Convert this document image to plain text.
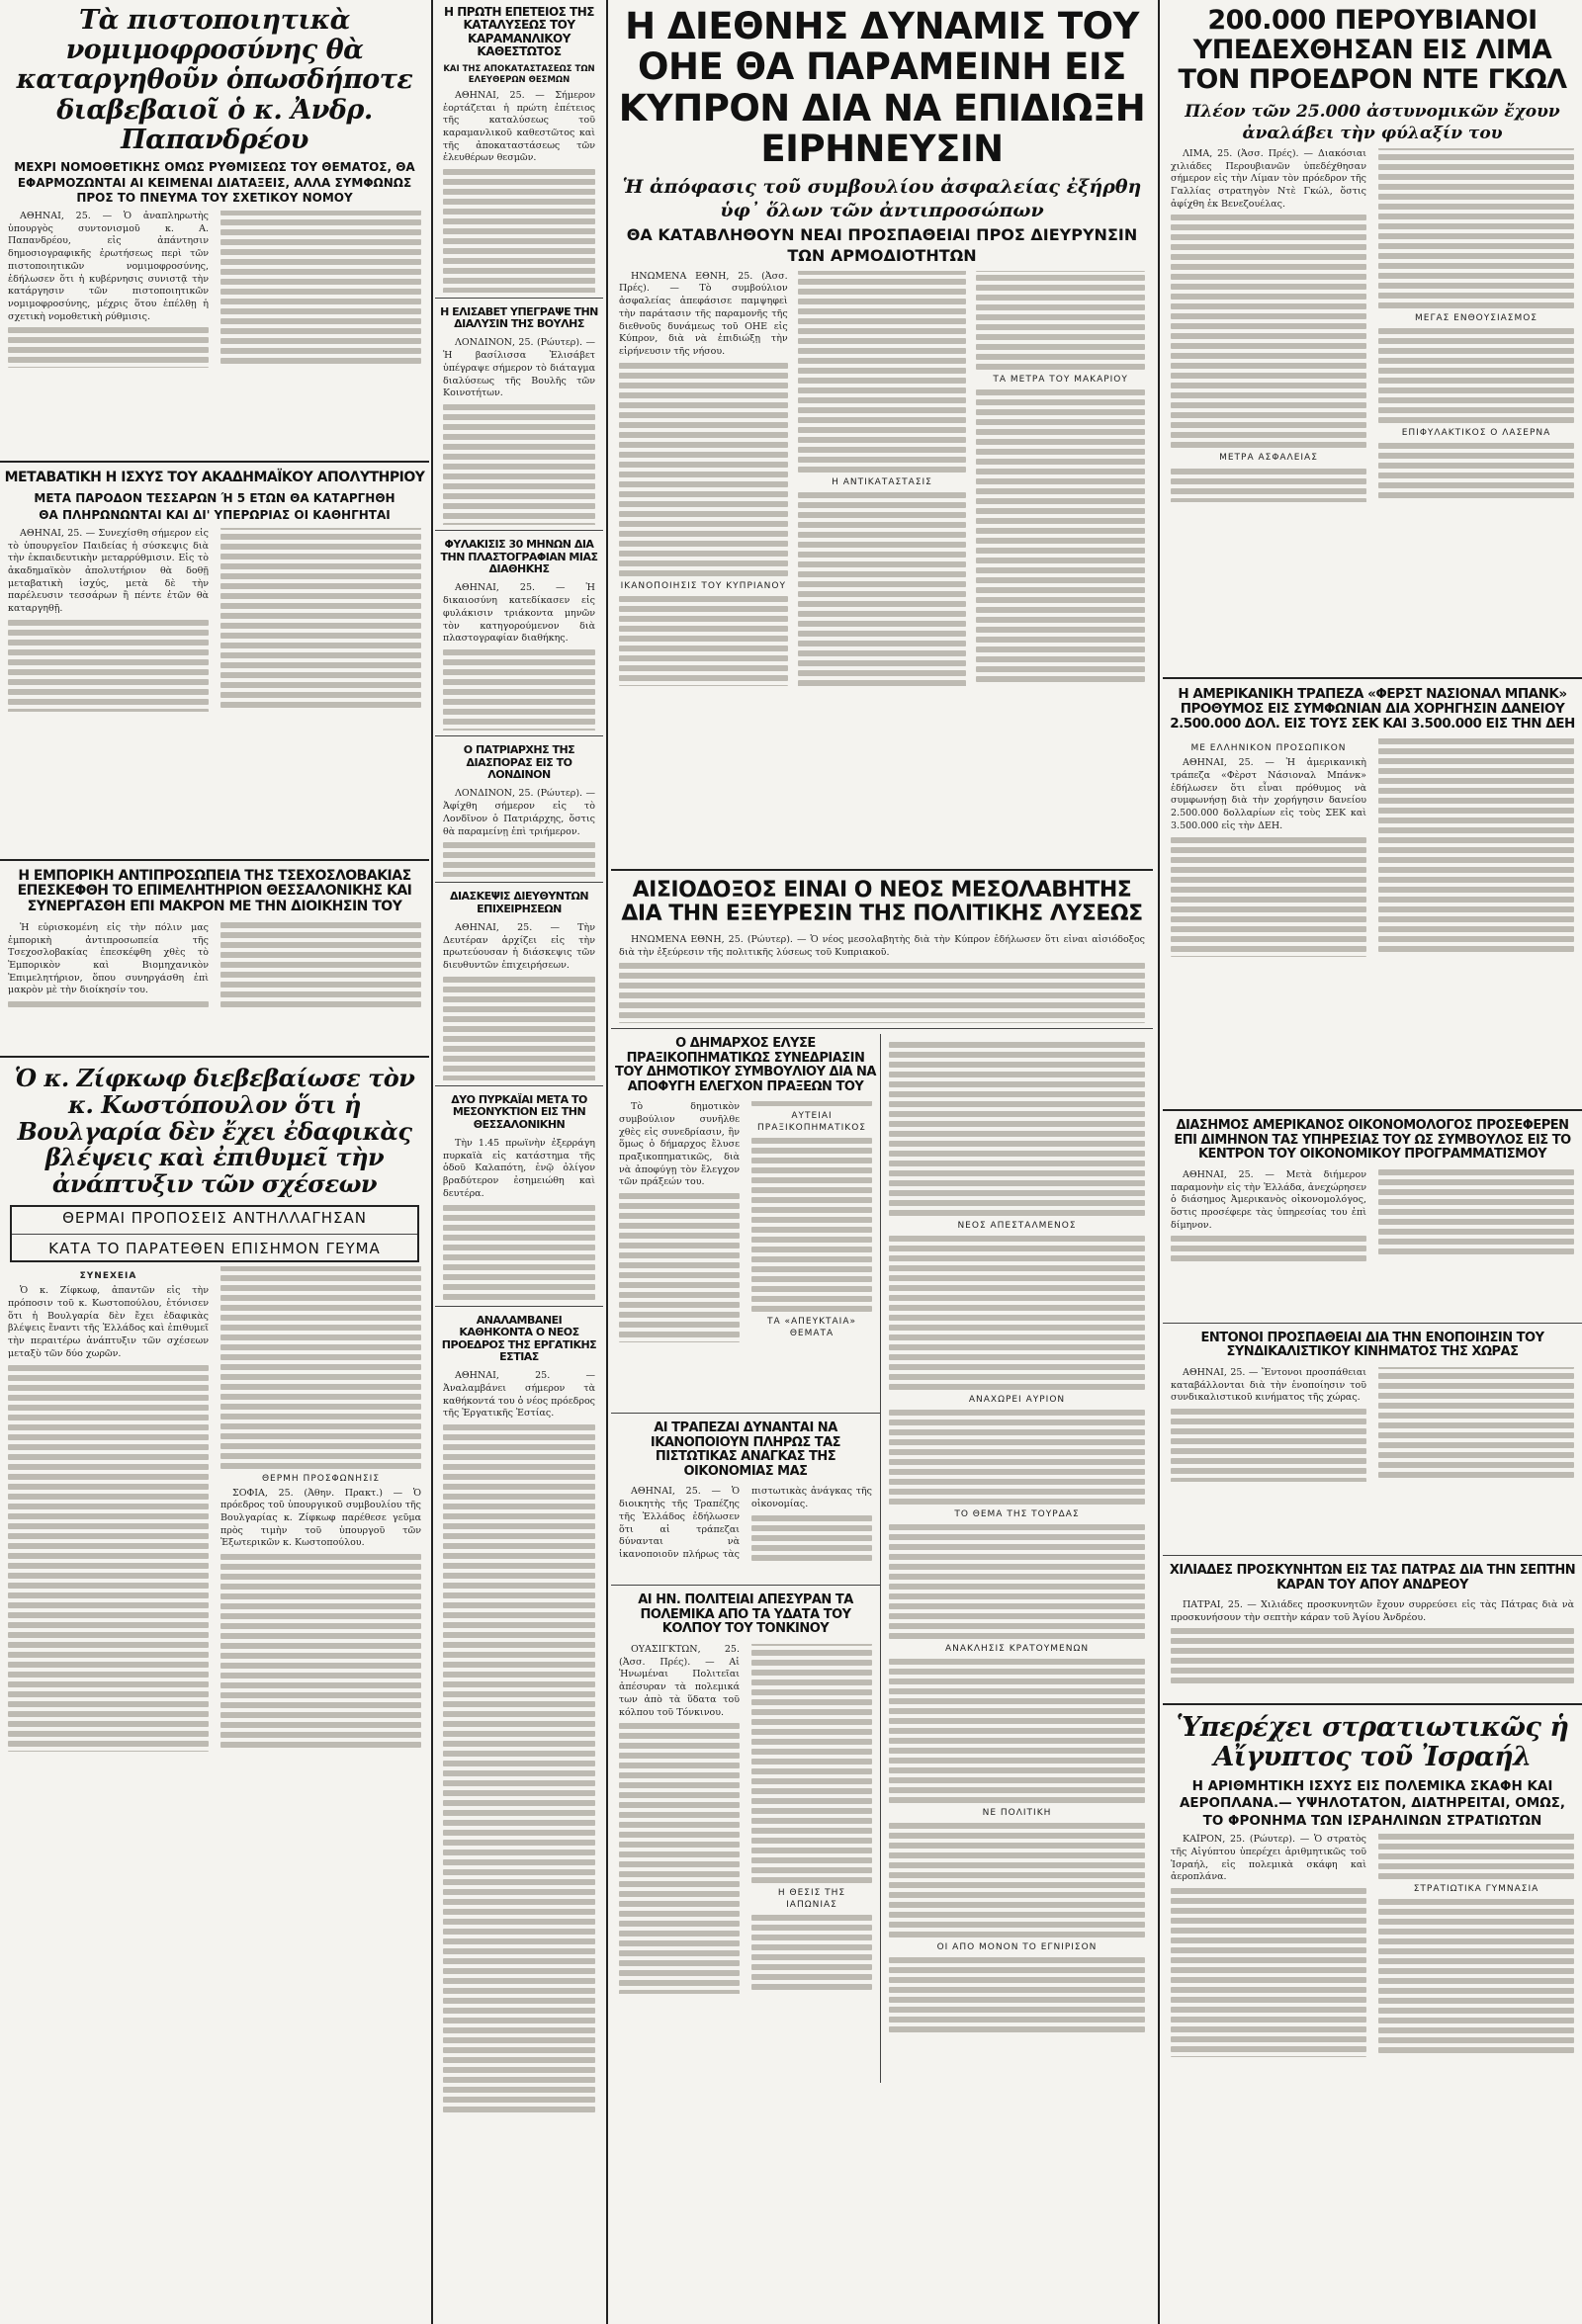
Τὰ πιστοποιητικὰ νομιμοφροσύνης θὰ καταργηθοῦν ὁπωσδήποτε διαβεβαιοῖ ὁ κ. Ἀνδρ. Παπανδρέου
ΜΕΧΡΙ ΝΟΜΟΘΕΤΙΚΗΣ ΟΜΩΣ ΡΥΘΜΙΣΕΩΣ ΤΟΥ ΘΕΜΑΤΟΣ, ΘΑ ΕΦΑΡΜΟΖΩΝΤΑΙ ΑΙ ΚΕΙΜΕΝΑΙ ΔΙΑΤΑΞΕΙΣ, ΑΛΛΑ ΣΥΜΦΩΝΩΣ ΠΡΟΣ ΤΟ ΠΝΕΥΜΑ ΤΟΥ ΣΧΕΤΙΚΟΥ ΝΟΜΟΥ

ΑΘΗΝΑΙ, 25. — Ὁ ἀναπληρωτὴς ὑπουργὸς συντονισμοῦ κ. Α. Παπανδρέου, εἰς ἀπάντησιν δημοσιογραφικῆς ἐρωτήσεως περὶ τῶν πιστοποιητικῶν νομιμοφροσύνης, ἐδήλωσεν ὅτι ἡ κυβέρνησις συνιστᾷ τὴν κατάργησιν τῶν πιστοποιητικῶν νομιμοφροσύνης, μέχρις ὅτου ἐπέλθῃ ἡ σχετικὴ νομοθετικὴ ρύθμισις.

ΜΕΤΑΒΑΤΙΚΗ Η ΙΣΧΥΣ ΤΟΥ ΑΚΑΔΗΜΑΪΚΟΥ ΑΠΟΛΥΤΗΡΙΟΥ
ΜΕΤΑ ΠΑΡΟΔΟΝ ΤΕΣΣΑΡΩΝ Ή 5 ΕΤΩΝ ΘΑ ΚΑΤΑΡΓΗΘΗ
ΘΑ ΠΛΗΡΩΝΩΝΤΑΙ ΚΑΙ ΔΙ' ΥΠΕΡΩΡΙΑΣ ΟΙ ΚΑΘΗΓΗΤΑΙ

ΑΘΗΝΑΙ, 25. — Συνεχίσθη σήμερον εἰς τὸ ὑπουργεῖον Παιδείας ἡ σύσκεψις διὰ τὴν ἐκπαιδευτικὴν μεταρρύθμισιν. Εἰς τὸ ἀκαδημαϊκὸν ἀπολυτήριον θὰ δοθῇ μεταβατικὴ ἰσχύς, μετὰ δὲ τὴν παρέλευσιν τεσσάρων ἢ πέντε ἐτῶν θὰ καταργηθῇ.

Η ΕΜΠΟΡΙΚΗ ΑΝΤΙΠΡΟΣΩΠΕΙΑ ΤΗΣ ΤΣΕΧΟΣΛΟΒΑΚΙΑΣ ΕΠΕΣΚΕΦΘΗ ΤΟ ΕΠΙΜΕΛΗΤΗΡΙΟΝ ΘΕΣΣΑΛΟΝΙΚΗΣ ΚΑΙ ΣΥΝΕΡΓΑΣΘΗ ΕΠΙ ΜΑΚΡΟΝ ΜΕ ΤΗΝ ΔΙΟΙΚΗΣΙΝ ΤΟΥ

Ἡ εὑρισκομένη εἰς τὴν πόλιν μας ἐμπορικὴ ἀντιπροσωπεία τῆς Τσεχοσλοβακίας ἐπεσκέφθη χθὲς τὸ Ἐμπορικὸν καὶ Βιομηχανικὸν Ἐπιμελητήριον, ὅπου συνηργάσθη ἐπὶ μακρὸν μὲ τὴν διοίκησίν του.

Ὁ κ. Ζίφκωφ διεβεβαίωσε τὸν κ. Κωστόπουλον ὅτι ἡ Βουλγαρία δὲν ἔχει ἐδαφικὰς βλέψεις καὶ ἐπιθυμεῖ τὴν ἀνάπτυξιν τῶν σχέσεων
ΘΕΡΜΑΙ ΠΡΟΠΟΣΕΙΣ ΑΝΤΗΛΛΑΓΗΣΑΝ
ΚΑΤΑ ΤΟ ΠΑΡΑΤΕΘΕΝ ΕΠΙΣΗΜΟΝ ΓΕΥΜΑ
ΣΥΝΕΧΕΙΑ

Ὁ κ. Ζίφκωφ, ἀπαντῶν εἰς τὴν πρόποσιν τοῦ κ. Κωστοπούλου, ἐτόνισεν ὅτι ἡ Βουλγαρία δὲν ἔχει ἐδαφικὰς βλέψεις ἔναντι τῆς Ἑλλάδος καὶ ἐπιθυμεῖ τὴν περαιτέρω ἀνάπτυξιν τῶν σχέσεων μεταξὺ τῶν δύο χωρῶν.

ΘΕΡΜΗ ΠΡΟΣΦΩΝΗΣΙΣ

ΣΟΦΙΑ, 25. (Ἀθην. Πρακτ.) — Ὁ πρόεδρος τοῦ ὑπουργικοῦ συμβουλίου τῆς Βουλγαρίας κ. Ζίφκωφ παρέθεσε γεῦμα πρὸς τιμὴν τοῦ ὑπουργοῦ τῶν Ἐξωτερικῶν κ. Κωστοπούλου.

Η ΠΡΩΤΗ ΕΠΕΤΕΙΟΣ ΤΗΣ ΚΑΤΑΛΥΣΕΩΣ ΤΟΥ ΚΑΡΑΜΑΝΛΙΚΟΥ ΚΑΘΕΣΤΩΤΟΣ
ΚΑΙ ΤΗΣ ΑΠΟΚΑΤΑΣΤΑΣΕΩΣ ΤΩΝ ΕΛΕΥΘΕΡΩΝ ΘΕΣΜΩΝ

ΑΘΗΝΑΙ, 25. — Σήμερον ἑορτάζεται ἡ πρώτη ἐπέτειος τῆς καταλύσεως τοῦ καραμανλικοῦ καθεστῶτος καὶ τῆς ἀποκαταστάσεως τῶν ἐλευθέρων θεσμῶν.

Η ΕΛΙΣΑΒΕΤ ΥΠΕΓΡΑΨΕ ΤΗΝ ΔΙΑΛΥΣΙΝ ΤΗΣ ΒΟΥΛΗΣ

ΛΟΝΔΙΝΟΝ, 25. (Ρώυτερ). — Ἡ βασίλισσα Ἐλισάβετ ὑπέγραψε σήμερον τὸ διάταγμα διαλύσεως τῆς Βουλῆς τῶν Κοινοτήτων.

ΦΥΛΑΚΙΣΙΣ 30 ΜΗΝΩΝ ΔΙΑ ΤΗΝ ΠΛΑΣΤΟΓΡΑΦΙΑΝ ΜΙΑΣ ΔΙΑΘΗΚΗΣ

ΑΘΗΝΑΙ, 25. — Ἡ δικαιοσύνη κατεδίκασεν εἰς φυλάκισιν τριάκοντα μηνῶν τὸν κατηγορούμενον διὰ πλαστογραφίαν διαθήκης.

Ο ΠΑΤΡΙΑΡΧΗΣ ΤΗΣ ΔΙΑΣΠΟΡΑΣ ΕΙΣ ΤΟ ΛΟΝΔΙΝΟΝ

ΛΟΝΔΙΝΟΝ, 25. (Ρώυτερ). — Ἀφίχθη σήμερον εἰς τὸ Λονδῖνον ὁ Πατριάρχης, ὅστις θὰ παραμείνῃ ἐπὶ τριήμερον.

ΔΙΑΣΚΕΨΙΣ ΔΙΕΥΘΥΝΤΩΝ ΕΠΙΧΕΙΡΗΣΕΩΝ

ΑΘΗΝΑΙ, 25. — Τὴν Δευτέραν ἀρχίζει εἰς τὴν πρωτεύουσαν ἡ διάσκεψις τῶν διευθυντῶν ἐπιχειρήσεων.

ΔΥΟ ΠΥΡΚΑΪΑΙ ΜΕΤΑ ΤΟ ΜΕΣΟΝΥΚΤΙΟΝ ΕΙΣ ΤΗΝ ΘΕΣΣΑΛΟΝΙΚΗΝ

Τὴν 1.45 πρωϊνὴν ἐξερράγη πυρκαϊὰ εἰς κατάστημα τῆς ὁδοῦ Καλαπότη, ἐνῷ ὀλίγον βραδύτερον ἐσημειώθη καὶ δευτέρα.

ΑΝΑΛΑΜΒΑΝΕΙ ΚΑΘΗΚΟΝΤΑ Ο ΝΕΟΣ ΠΡΟΕΔΡΟΣ ΤΗΣ ΕΡΓΑΤΙΚΗΣ ΕΣΤΙΑΣ

ΑΘΗΝΑΙ, 25. — Ἀναλαμβάνει σήμερον τὰ καθήκοντά του ὁ νέος πρόεδρος τῆς Ἐργατικῆς Ἑστίας.

Η ΔΙΕΘΝΗΣ ΔΥΝΑΜΙΣ ΤΟΥ ΟΗΕ ΘΑ ΠΑΡΑΜΕΙΝΗ ΕΙΣ ΚΥΠΡΟΝ ΔΙΑ ΝΑ ΕΠΙΔΙΩΞΗ ΕΙΡΗΝΕΥΣΙΝ
Ἡ ἀπόφασις τοῦ συμβουλίου ἀσφαλείας ἐξήρθη ὑφ᾽ ὅλων τῶν ἀντιπροσώπων
ΘΑ ΚΑΤΑΒΛΗΘΟΥΝ ΝΕΑΙ ΠΡΟΣΠΑΘΕΙΑΙ ΠΡΟΣ ΔΙΕΥΡΥΝΣΙΝ ΤΩΝ ΑΡΜΟΔΙΟΤΗΤΩΝ

ΗΝΩΜΕΝΑ ΕΘΝΗ, 25. (Ἀσσ. Πρές). — Τὸ συμβούλιον ἀσφαλείας ἀπεφάσισε παμψηφεὶ τὴν παράτασιν τῆς παραμονῆς τῆς διεθνοῦς δυνάμεως τοῦ ΟΗΕ εἰς Κύπρον, διὰ νὰ ἐπιδιώξῃ τὴν εἰρήνευσιν τῆς νήσου.

ΙΚΑΝΟΠΟΙΗΣΙΣ ΤΟΥ ΚΥΠΡΙΑΝΟΥ
Η ΑΝΤΙΚΑΤΑΣΤΑΣΙΣ
ΤΑ ΜΕΤΡΑ ΤΟΥ ΜΑΚΑΡΙΟΥ
ΑΙΣΙΟΔΟΞΟΣ ΕΙΝΑΙ Ο ΝΕΟΣ ΜΕΣΟΛΑΒΗΤΗΣ ΔΙΑ ΤΗΝ ΕΞΕΥΡΕΣΙΝ ΤΗΣ ΠΟΛΙΤΙΚΗΣ ΛΥΣΕΩΣ

ΗΝΩΜΕΝΑ ΕΘΝΗ, 25. (Ρώυτερ). — Ὁ νέος μεσολαβητὴς διὰ τὴν Κύπρον ἐδήλωσεν ὅτι εἶναι αἰσιόδοξος διὰ τὴν ἐξεύρεσιν τῆς πολιτικῆς λύσεως τοῦ Κυπριακοῦ.

Ο ΔΗΜΑΡΧΟΣ ΕΛΥΣΕ ΠΡΑΞΙΚΟΠΗΜΑΤΙΚΩΣ ΣΥΝΕΔΡΙΑΣΙΝ ΤΟΥ ΔΗΜΟΤΙΚΟΥ ΣΥΜΒΟΥΛΙΟΥ ΔΙΑ ΝΑ ΑΠΟΦΥΓΗ ΕΛΕΓΧΟΝ ΠΡΑΞΕΩΝ ΤΟΥ

Τὸ δημοτικὸν συμβούλιον συνῆλθε χθὲς εἰς συνεδρίασιν, ἣν ὅμως ὁ δήμαρχος ἔλυσε πραξικοπηματικῶς, διὰ νὰ ἀποφύγῃ τὸν ἔλεγχον τῶν πράξεών του.

ΑΥΤΕΙΑΙ ΠΡΑΞΙΚΟΠΗΜΑΤΙΚΟΣ
ΤΑ «ΑΠΕΥΚΤΑΙΑ» ΘΕΜΑΤΑ
ΑΙ ΤΡΑΠΕΖΑΙ ΔΥΝΑΝΤΑΙ ΝΑ ΙΚΑΝΟΠΟΙΟΥΝ ΠΛΗΡΩΣ ΤΑΣ ΠΙΣΤΩΤΙΚΑΣ ΑΝΑΓΚΑΣ ΤΗΣ ΟΙΚΟΝΟΜΙΑΣ ΜΑΣ

ΑΘΗΝΑΙ, 25. — Ὁ διοικητὴς τῆς Τραπέζης τῆς Ἑλλάδος ἐδήλωσεν ὅτι αἱ τράπεζαι δύνανται νὰ ἱκανοποιοῦν πλήρως τὰς πιστωτικὰς ἀνάγκας τῆς οἰκονομίας.

ΑΙ ΗΝ. ΠΟΛΙΤΕΙΑΙ ΑΠΕΣΥΡΑΝ ΤΑ ΠΟΛΕΜΙΚΑ ΑΠΟ ΤΑ ΥΔΑΤΑ ΤΟΥ ΚΟΛΠΟΥ ΤΟΥ ΤΟΝΚΙΝΟΥ

ΟΥΑΣΙΓΚΤΩΝ, 25. (Ἀσσ. Πρές). — Αἱ Ἡνωμέναι Πολιτεῖαι ἀπέσυραν τὰ πολεμικά των ἀπὸ τὰ ὕδατα τοῦ κόλπου τοῦ Τόνκινου.

Η ΘΕΣΙΣ ΤΗΣ ΙΑΠΩΝΙΑΣ
ΝΕΟΣ ΑΠΕΣΤΑΛΜΕΝΟΣ
ΑΝΑΧΩΡΕΙ ΑΥΡΙΟΝ
ΤΟ ΘΕΜΑ ΤΗΣ ΤΟΥΡΔΑΣ
ΑΝΑΚΛΗΣΙΣ ΚΡΑΤΟΥΜΕΝΩΝ
ΝΕ ΠΟΛΙΤΙΚΗ
ΟΙ ΑΠΟ ΜΟΝΟΝ ΤΟ ΕΓΝΙΡΙΣΟΝ
200.000 ΠΕΡΟΥΒΙΑΝΟΙ ΥΠΕΔΕΧΘΗΣΑΝ ΕΙΣ ΛΙΜΑ ΤΟΝ ΠΡΟΕΔΡΟΝ ΝΤΕ ΓΚΩΛ
Πλέον τῶν 25.000 ἀστυνομικῶν ἔχουν ἀναλάβει τὴν φύλαξίν του

ΛΙΜΑ, 25. (Ἀσσ. Πρές). — Διακόσιαι χιλιάδες Περουβιανῶν ὑπεδέχθησαν σήμερον εἰς τὴν Λίμαν τὸν πρόεδρον τῆς Γαλλίας στρατηγὸν Ντὲ Γκώλ, ὅστις ἀφίχθη ἐκ Βενεζουέλας.

ΜΕΤΡΑ ΑΣΦΑΛΕΙΑΣ
ΜΕΓΑΣ ΕΝΘΟΥΣΙΑΣΜΟΣ
ΕΠΙΦΥΛΑΚΤΙΚΟΣ Ο ΛΑΣΕΡΝΑ
Η ΑΜΕΡΙΚΑΝΙΚΗ ΤΡΑΠΕΖΑ «ΦΕΡΣΤ ΝΑΣΙΟΝΑΛ ΜΠΑΝΚ» ΠΡΟΘΥΜΟΣ ΕΙΣ ΣΥΜΦΩΝΙΑΝ ΔΙΑ ΧΟΡΗΓΗΣΙΝ ΔΑΝΕΙΟΥ 2.500.000 ΔΟΛ. ΕΙΣ ΤΟΥΣ ΣΕΚ ΚΑΙ 3.500.000 ΕΙΣ ΤΗΝ ΔΕΗ
ΜΕ ΕΛΛΗΝΙΚΟΝ ΠΡΟΣΩΠΙΚΟΝ

ΑΘΗΝΑΙ, 25. — Ἡ ἀμερικανικὴ τράπεζα «Φὲρστ Νάσιοναλ Μπάνκ» ἐδήλωσεν ὅτι εἶναι πρόθυμος νὰ συμφωνήσῃ διὰ τὴν χορήγησιν δανείου 2.500.000 δολλαρίων εἰς τοὺς ΣΕΚ καὶ 3.500.000 εἰς τὴν ΔΕΗ.

ΔΙΑΣΗΜΟΣ ΑΜΕΡΙΚΑΝΟΣ ΟΙΚΟΝΟΜΟΛΟΓΟΣ ΠΡΟΣΕΦΕΡΕΝ ΕΠΙ ΔΙΜΗΝΟΝ ΤΑΣ ΥΠΗΡΕΣΙΑΣ ΤΟΥ ΩΣ ΣΥΜΒΟΥΛΟΣ ΕΙΣ ΤΟ ΚΕΝΤΡΟΝ ΤΟΥ ΟΙΚΟΝΟΜΙΚΟΥ ΠΡΟΓΡΑΜΜΑΤΙΣΜΟΥ

ΑΘΗΝΑΙ, 25. — Μετὰ διήμερον παραμονὴν εἰς τὴν Ἑλλάδα, ἀνεχώρησεν ὁ διάσημος Ἀμερικανὸς οἰκονομολόγος, ὅστις προσέφερε τὰς ὑπηρεσίας του ἐπὶ δίμηνον.

ΕΝΤΟΝΟΙ ΠΡΟΣΠΑΘΕΙΑΙ ΔΙΑ ΤΗΝ ΕΝΟΠΟΙΗΣΙΝ ΤΟΥ ΣΥΝΔΙΚΑΛΙΣΤΙΚΟΥ ΚΙΝΗΜΑΤΟΣ ΤΗΣ ΧΩΡΑΣ

ΑΘΗΝΑΙ, 25. — Ἔντονοι προσπάθειαι καταβάλλονται διὰ τὴν ἑνοποίησιν τοῦ συνδικαλιστικοῦ κινήματος τῆς χώρας.

ΧΙΛΙΑΔΕΣ ΠΡΟΣΚΥΝΗΤΩΝ ΕΙΣ ΤΑΣ ΠΑΤΡΑΣ ΔΙΑ ΤΗΝ ΣΕΠΤΗΝ ΚΑΡΑΝ ΤΟΥ ΑΠΟΥ ΑΝΔΡΕΟΥ

ΠΑΤΡΑΙ, 25. — Χιλιάδες προσκυνητῶν ἔχουν συρρεύσει εἰς τὰς Πάτρας διὰ νὰ προσκυνήσουν τὴν σεπτὴν κάραν τοῦ Ἁγίου Ἀνδρέου.

Ὑπερέχει στρατιωτικῶς ἡ Αἴγυπτος τοῦ Ἰσραήλ
Η ΑΡΙΘΜΗΤΙΚΗ ΙΣΧΥΣ ΕΙΣ ΠΟΛΕΜΙΚΑ ΣΚΑΦΗ ΚΑΙ ΑΕΡΟΠΛΑΝΑ.— ΥΨΗΛΟΤΑΤΟΝ, ΔΙΑΤΗΡΕΙΤΑΙ, ΟΜΩΣ, ΤΟ ΦΡΟΝΗΜΑ ΤΩΝ ΙΣΡΑΗΛΙΝΩΝ ΣΤΡΑΤΙΩΤΩΝ

ΚΑΪΡΟΝ, 25. (Ρώυτερ). — Ὁ στρατὸς τῆς Αἰγύπτου ὑπερέχει ἀριθμητικῶς τοῦ Ἰσραήλ, εἰς πολεμικὰ σκάφη καὶ ἀεροπλάνα.

ΣΤΡΑΤΙΩΤΙΚΑ ΓΥΜΝΑΣΙΑ
